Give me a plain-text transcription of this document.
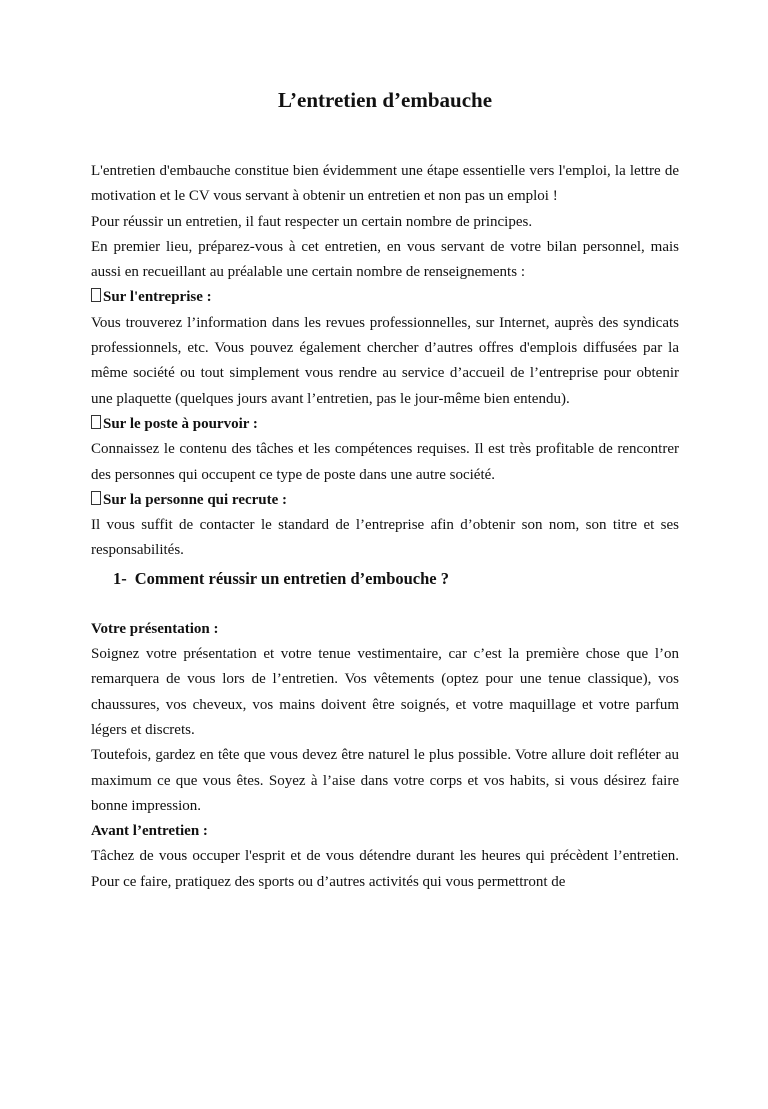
L’entretien d’embauche

L'entretien d'embauche constitue bien évidemment une étape essentielle vers l'emploi, la lettre de motivation et le CV vous servant à obtenir un entretien et non pas un emploi !

Pour réussir un entretien, il faut respecter un certain nombre de principes.

En premier lieu, préparez-vous à cet entretien, en vous servant de votre bilan personnel, mais aussi en recueillant au préalable une certain nombre de renseignements :

Sur l'entreprise :

Vous trouverez l’information dans les revues professionnelles, sur Internet, auprès des syndicats professionnels, etc. Vous pouvez également chercher d’autres offres d'emplois diffusées par la même société ou tout simplement vous rendre au service d’accueil de l’entreprise pour obtenir une plaquette (quelques jours avant l’entretien, pas le jour-même bien entendu).

Sur le poste à pourvoir :

Connaissez le contenu des tâches et les compétences requises. Il est très profitable de rencontrer des personnes qui occupent ce type de poste dans une autre société.

Sur la personne qui recrute :

Il vous suffit de contacter le standard de l’entreprise afin d’obtenir son nom, son titre et ses responsabilités.

1- Comment réussir un entretien d’embouche ?

Votre présentation :

Soignez votre présentation et votre tenue vestimentaire, car c’est la première chose que l’on remarquera de vous lors de l’entretien. Vos vêtements (optez pour une tenue classique), vos chaussures, vos cheveux, vos mains doivent être soignés, et votre maquillage et votre parfum légers et discrets.

Toutefois, gardez en tête que vous devez être naturel le plus possible. Votre allure doit refléter au maximum ce que vous êtes. Soyez à l’aise dans votre corps et vos habits, si vous désirez faire bonne impression.

Avant l’entretien :

Tâchez de vous occuper l'esprit et de vous détendre durant les heures qui précèdent l’entretien. Pour ce faire, pratiquez des sports ou d’autres activités qui vous permettront de
